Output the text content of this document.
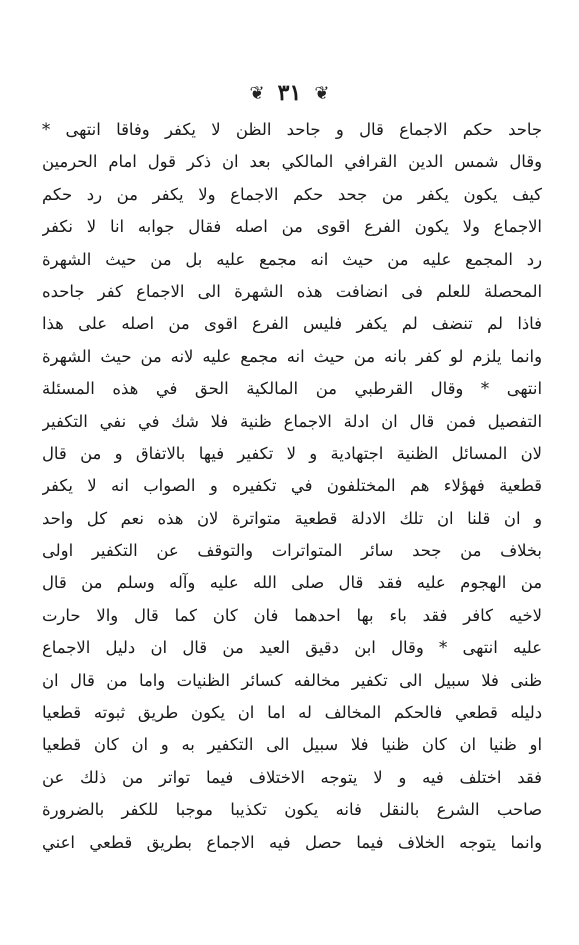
❦ ٣١ ❦
جاحد حكم الاجماع قال و جاحد الظن لا يكفر وفاقا انتهى *
وقال شمس الدين القرافي المالكي بعد ان ذكر قول امام الحرمين
كيف يكون يكفر من جحد حكم الاجماع ولا يكفر من رد حكم
الاجماع ولا يكون الفرع اقوى من اصله فقال جوابه انا لا نكفر
رد المجمع عليه من حيث انه مجمع عليه بل من حيث الشهرة
المحصلة للعلم فى انضافت هذه الشهرة الى الاجماع كفر جاحده
فاذا لم تنضف لم يكفر فليس الفرع اقوى من اصله على هذا
وانما يلزم لو كفر بانه من حيث انه مجمع عليه لانه من حيث الشهرة
انتهى * وقال القرطبي من المالكية الحق في هذه المسئلة
التفصيل فمن قال ان ادلة الاجماع ظنية فلا شك في نفي التكفير
لان المسائل الظنية اجتهادية و لا تكفير فيها بالاتفاق و من قال
قطعية فهؤلاء هم المختلفون في تكفيره و الصواب انه لا يكفر
و ان قلنا ان تلك الادلة قطعية متواترة لان هذه نعم كل واحد
بخلاف من جحد سائر المتواترات والتوقف عن التكفير اولى
من الهجوم عليه فقد قال صلى الله عليه وآله وسلم من قال
لاخيه كافر فقد باء بها احدهما فان كان كما قال والا حارت
عليه انتهى * وقال ابن دقيق العيد من قال ان دليل الاجماع
ظنى فلا سبيل الى تكفير مخالفه كسائر الظنيات واما من قال ان
دليله قطعي فالحكم المخالف له اما ان يكون طريق ثبوته قطعيا
او ظنيا ان كان ظنيا فلا سبيل الى التكفير به و ان كان قطعيا
فقد اختلف فيه و لا يتوجه الاختلاف فيما تواتر من ذلك عن
صاحب الشرع بالنقل فانه يكون تكذيبا موجبا للكفر بالضرورة
وانما يتوجه الخلاف فيما حصل فيه الاجماع بطريق قطعي اعني
